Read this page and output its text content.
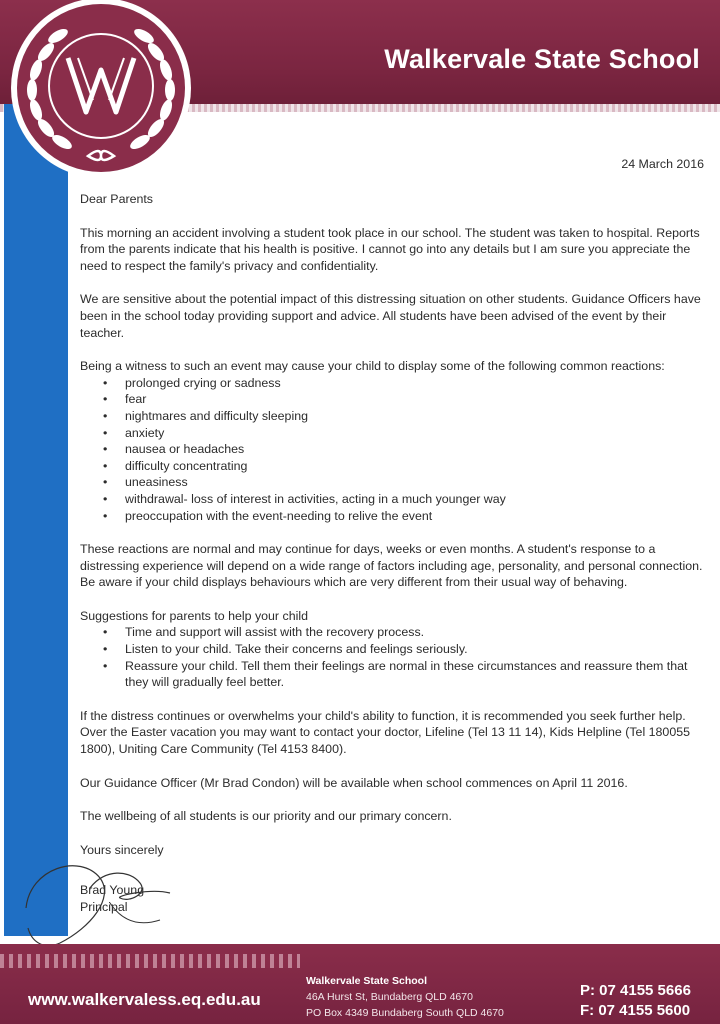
Walkervale State School
24 March 2016

Dear Parents

This morning an accident involving a student took place in our school. The student was taken to hospital. Reports from the parents indicate that his health is positive. I cannot go into any details but I am sure you appreciate the need to respect the family's privacy and confidentiality.

We are sensitive about the potential impact of this distressing situation on other students. Guidance Officers have been in the school today providing support and advice. All students have been advised of the event by their teacher.

Being a witness to such an event may cause your child to display some of the following common reactions:

• prolonged crying or sadness
• fear
• nightmares and difficulty sleeping
• anxiety
• nausea or headaches
• difficulty concentrating
• uneasiness
• withdrawal- loss of interest in activities, acting in a much younger way
• preoccupation with the event-needing to relive the event

These reactions are normal and may continue for days, weeks or even months. A student's response to a distressing experience will depend on a wide range of factors including age, personality, and personal connection. Be aware if your child displays behaviours which are very different from their usual way of behaving.

Suggestions for parents to help your child

• Time and support will assist with the recovery process.
• Listen to your child. Take their concerns and feelings seriously.
• Reassure your child. Tell them their feelings are normal in these circumstances and reassure them that they will gradually feel better.

If the distress continues or overwhelms your child's ability to function, it is recommended you seek further help. Over the Easter vacation you may want to contact your doctor, Lifeline (Tel 13 11 14), Kids Helpline (Tel 180055 1800), Uniting Care Community (Tel 4153 8400).

Our Guidance Officer (Mr Brad Condon) will be available when school commences on April 11 2016.

The wellbeing of all students is our priority and our primary concern.

Yours sincerely

Brad Young

Principal

www.walkervaless.eq.edu.au
Walkervale State School
46A Hurst St, Bundaberg QLD 4670
PO Box 4349 Bundaberg South QLD 4670
P: 07 4155 5666
F: 07 4155 5600
